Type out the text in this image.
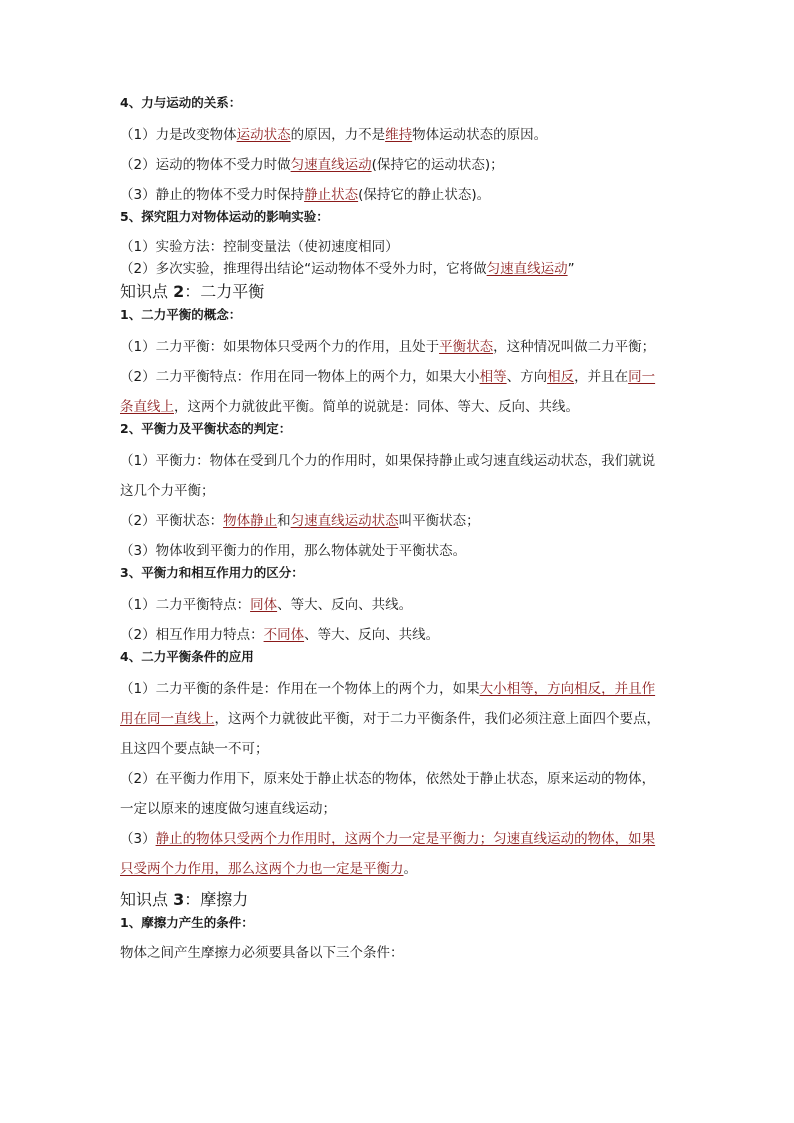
4、力与运动的关系：
（1）力是改变物体运动状态的原因，力不是维持物体运动状态的原因。
（2）运动的物体不受力时做匀速直线运动(保持它的运动状态)；
（3）静止的物体不受力时保持静止状态(保持它的静止状态)。
5、探究阻力对物体运动的影响实验：
（1）实验方法：控制变量法（使初速度相同）
（2）多次实验，推理得出结论“运动物体不受外力时，它将做匀速直线运动”
知识点 2：二力平衡
1、二力平衡的概念：
（1）二力平衡：如果物体只受两个力的作用，且处于平衡状态，这种情况叫做二力平衡；
（2）二力平衡特点：作用在同一物体上的两个力，如果大小相等、方向相反，并且在同一
条直线上，这两个力就彼此平衡。简单的说就是：同体、等大、反向、共线。
2、平衡力及平衡状态的判定：
（1）平衡力：物体在受到几个力的作用时，如果保持静止或匀速直线运动状态，我们就说
这几个力平衡；
（2）平衡状态：物体静止和匀速直线运动状态叫平衡状态；
（3）物体收到平衡力的作用，那么物体就处于平衡状态。
3、平衡力和相互作用力的区分：
（1）二力平衡特点：同体、等大、反向、共线。
（2）相互作用力特点：不同体、等大、反向、共线。
4、二力平衡条件的应用
（1）二力平衡的条件是：作用在一个物体上的两个力，如果大小相等，方向相反，并且作
用在同一直线上，这两个力就彼此平衡，对于二力平衡条件，我们必须注意上面四个要点，
且这四个要点缺一不可；
（2）在平衡力作用下，原来处于静止状态的物体，依然处于静止状态，原来运动的物体，
一定以原来的速度做匀速直线运动；
（3）静止的物体只受两个力作用时，这两个力一定是平衡力；匀速直线运动的物体，如果
只受两个力作用，那么这两个力也一定是平衡力。
知识点 3：摩擦力
1、摩擦力产生的条件：
物体之间产生摩擦力必须要具备以下三个条件：
